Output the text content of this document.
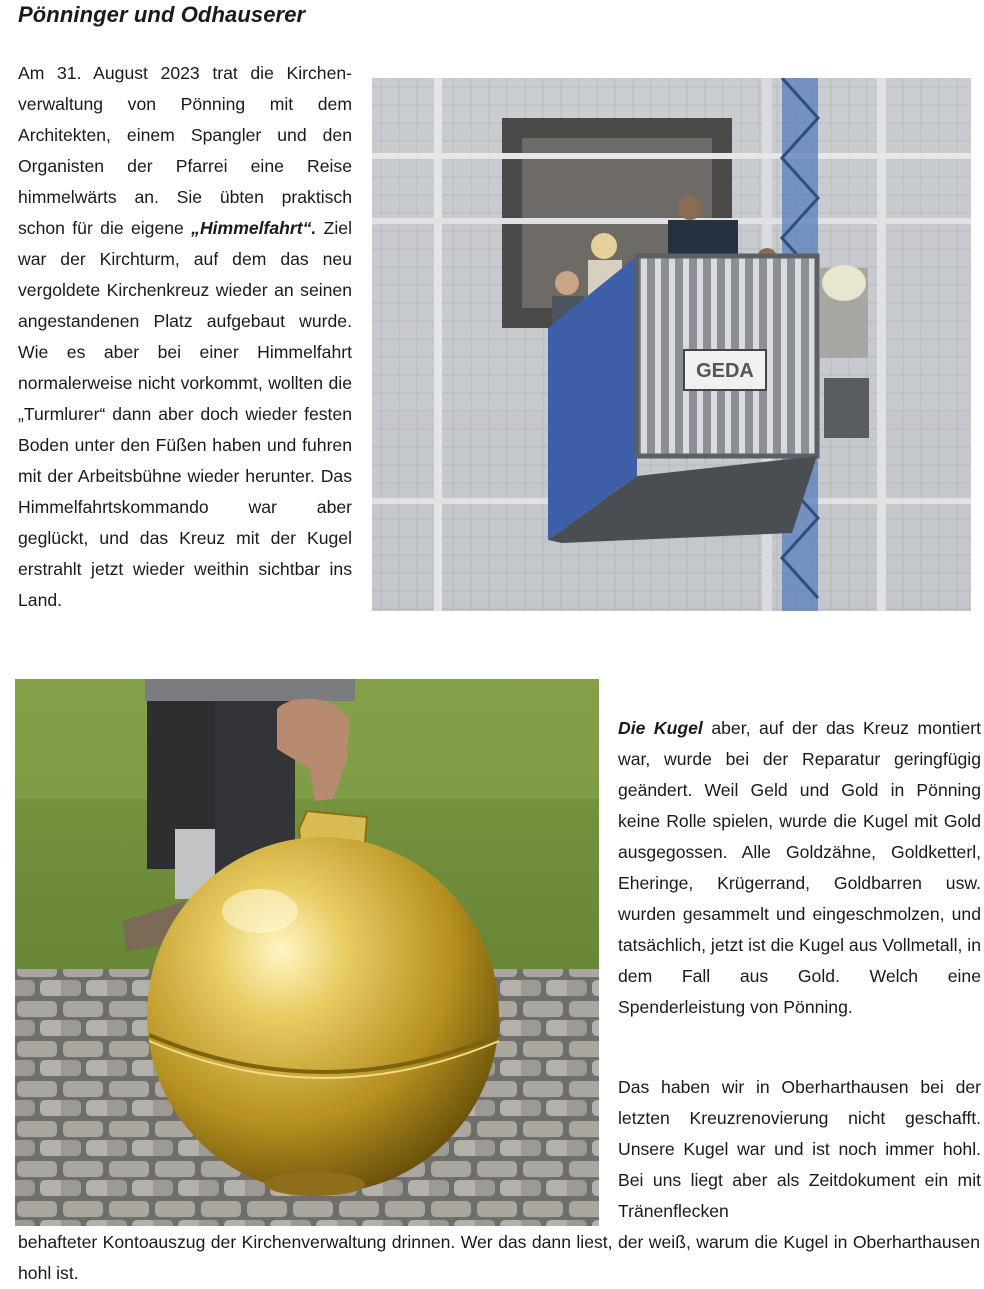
Pönninger und Odhauserer

Am 31. August 2023 trat die Kirchenverwaltung von Pönning mit dem Architekten, einem Spangler und den Organisten der Pfarrei eine Reise himmelwärts an. Sie übten praktisch schon für die eigene „Himmelfahrt“. Ziel war der Kirchturm, auf dem das neu vergoldete Kirchenkreuz wieder an seinen angestandenen Platz aufgebaut wurde. Wie es aber bei einer Himmelfahrt normalerweise nicht vorkommt, wollten die „Turmlurer“ dann aber doch wieder festen Boden unter den Füßen haben und fuhren mit der Arbeitsbühne wieder herunter. Das Himmelfahrtskommando war aber geglückt, und das Kreuz mit der Kugel erstrahlt jetzt wieder weithin sichtbar ins Land.

GEDA

Die Kugel aber, auf der das Kreuz montiert war, wurde bei der Reparatur geringfügig geändert. Weil Geld und Gold in Pönning keine Rolle spielen, wurde die Kugel mit Gold ausgegossen. Alle Goldzähne, Goldketterl, Eheringe, Krügerrand, Goldbarren usw. wurden gesammelt und eingeschmolzen, und tatsächlich, jetzt ist die Kugel aus Vollmetall, in dem Fall aus Gold. Welch eine Spenderleistung von Pönning.

Das haben wir in Oberharthausen bei der letzten Kreuzrenovierung nicht geschafft. Unsere Kugel war und ist noch immer hohl. Bei uns liegt aber als Zeitdokument ein mit Tränenflecken

behafteter Kontoauszug der Kirchenverwaltung drinnen. Wer das dann liest, der weiß, warum die Kugel in Oberharthausen hohl ist.
